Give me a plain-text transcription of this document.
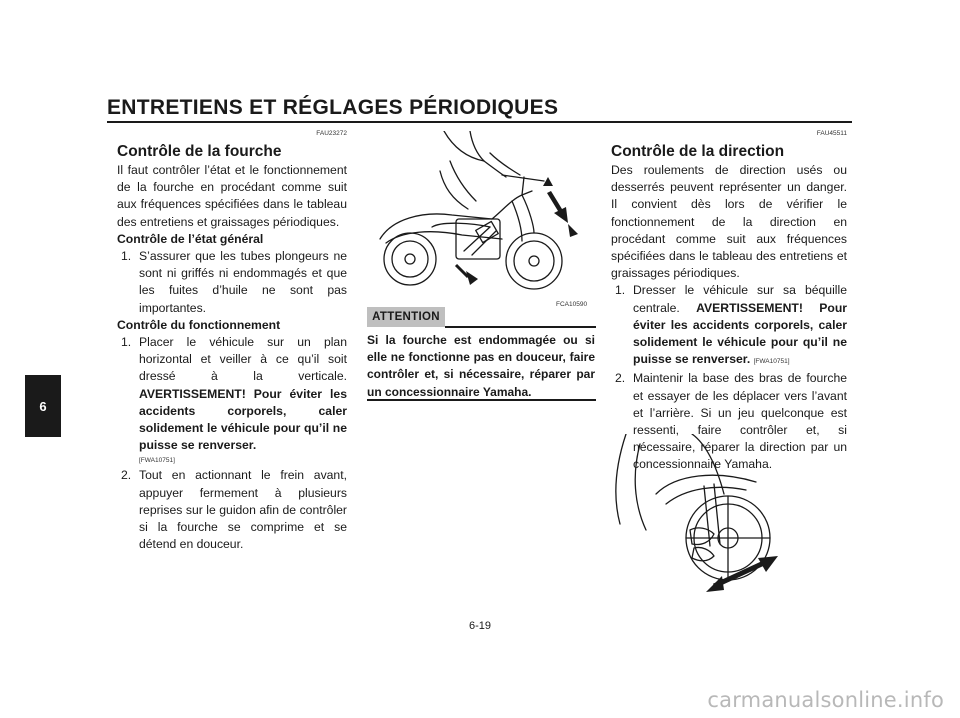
ENTRETIENS ET RÉGLAGES PÉRIODIQUES
6
FAU23272
Contrôle de la fourche
Il faut contrôler l’état et le fonctionnement de la fourche en procédant comme suit aux fréquences spécifiées dans le tableau des entretiens et graissages périodiques.
Contrôle de l’état général
1. S’assurer que les tubes plongeurs ne sont ni griffés ni endommagés et que les fuites d’huile ne sont pas importantes.
Contrôle du fonctionnement
1. Placer le véhicule sur un plan horizontal et veiller à ce qu’il soit dressé à la verticale. AVERTISSEMENT! Pour éviter les accidents corporels, caler solidement le véhicule pour qu’il ne puisse se renverser.
[FWA10751]
2. Tout en actionnant le frein avant, appuyer fermement à plusieurs reprises sur le guidon afin de contrôler si la fourche se comprime et se détend en douceur.
FCA10590
ATTENTION
Si la fourche est endommagée ou si elle ne fonctionne pas en douceur, faire contrôler et, si nécessaire, réparer par un concessionnaire Yamaha.
FAU45511
Contrôle de la direction
Des roulements de direction usés ou desserrés peuvent représenter un danger. Il convient dès lors de vérifier le fonctionnement de la direction en procédant comme suit aux fréquences spécifiées dans le tableau des entretiens et graissages périodiques.
1. Dresser le véhicule sur sa béquille centrale. AVERTISSEMENT! Pour éviter les accidents corporels, caler solidement le véhicule pour qu’il ne puisse se renverser. [FWA10751]
2. Maintenir la base des bras de fourche et essayer de les déplacer vers l’avant et l’arrière. Si un jeu quelconque est ressenti, faire contrôler et, si nécessaire, réparer la direction par un concessionnaire Yamaha.
6-19
carmanualsonline.info
